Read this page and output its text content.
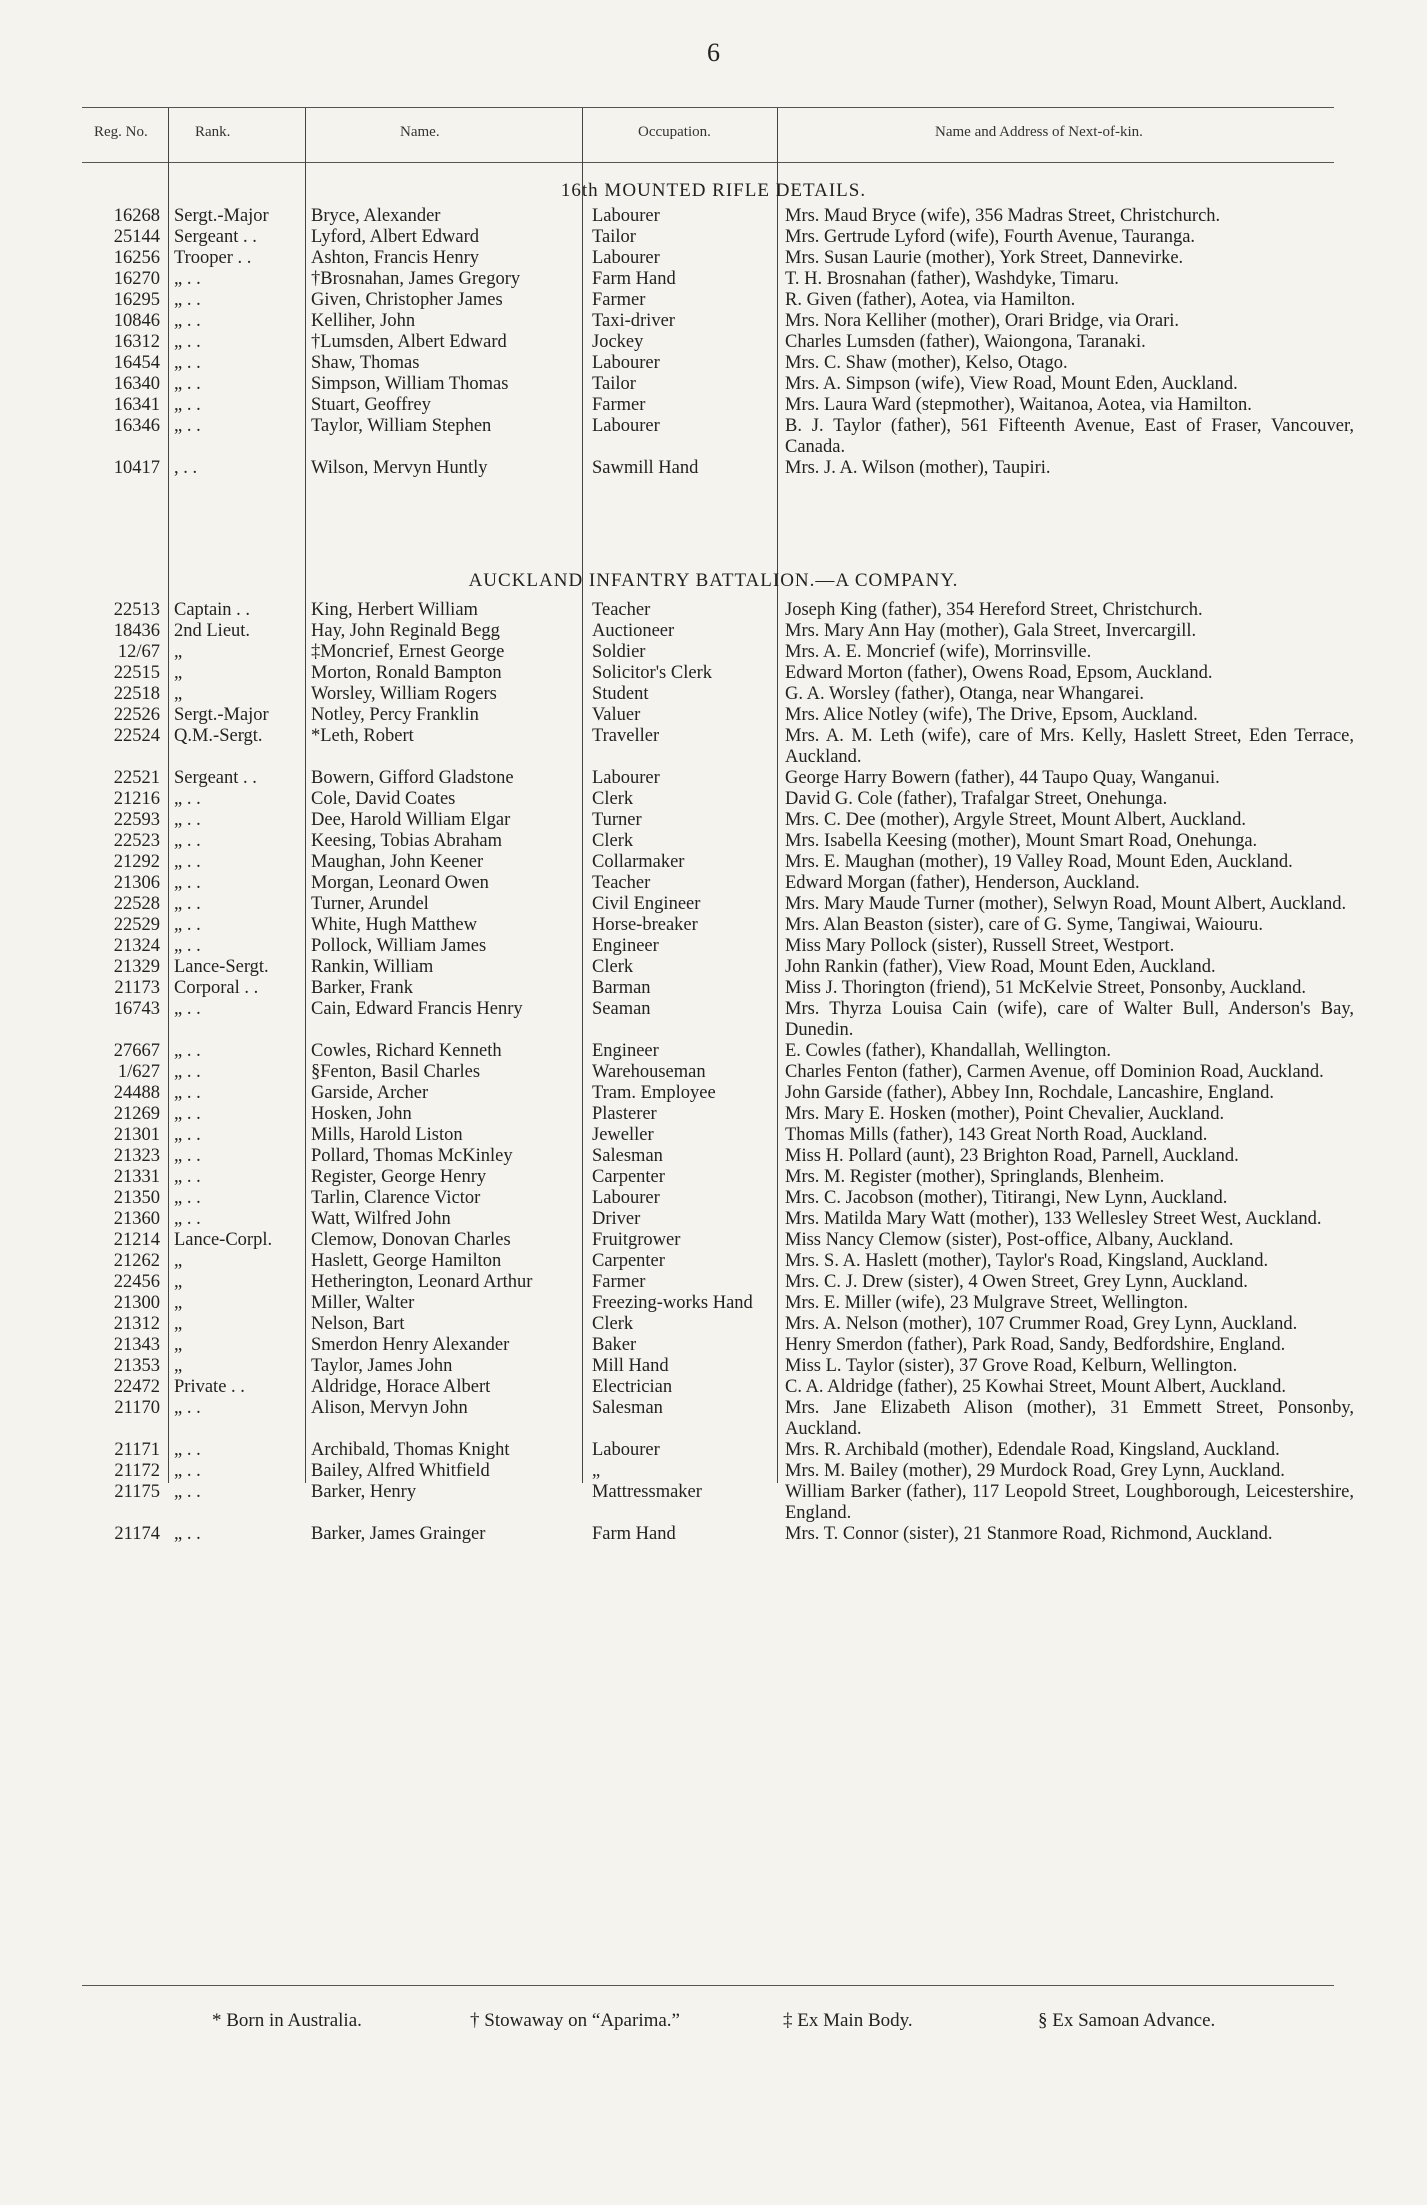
6
Reg. No.	Rank.	Name.	Occupation.	Name and Address of Next-of-kin.
16th MOUNTED RIFLE DETAILS.
16268	Sergt.-Major	Bryce, Alexander	Labourer	Mrs. Maud Bryce (wife), 356 Madras Street, Christchurch.
25144	Sergeant . .	Lyford, Albert Edward	Tailor	Mrs. Gertrude Lyford (wife), Fourth Avenue, Tauranga.
16256	Trooper . .	Ashton, Francis Henry	Labourer	Mrs. Susan Laurie (mother), York Street, Dannevirke.
16270	„ . .	†Brosnahan, James Gregory	Farm Hand	T. H. Brosnahan (father), Washdyke, Timaru.
16295	„ . .	Given, Christopher James	Farmer	R. Given (father), Aotea, via Hamilton.
10846	„ . .	Kelliher, John	Taxi-driver	Mrs. Nora Kelliher (mother), Orari Bridge, via Orari.
16312	„ . .	†Lumsden, Albert Edward	Jockey	Charles Lumsden (father), Waiongona, Taranaki.
16454	„ . .	Shaw, Thomas	Labourer	Mrs. C. Shaw (mother), Kelso, Otago.
16340	„ . .	Simpson, William Thomas	Tailor	Mrs. A. Simpson (wife), View Road, Mount Eden, Auckland.
16341	„ . .	Stuart, Geoffrey	Farmer	Mrs. Laura Ward (stepmother), Waitanoa, Aotea, via Hamilton.
16346	„ . .	Taylor, William Stephen	Labourer	B. J. Taylor (father), 561 Fifteenth Avenue, East of Fraser, Vancouver, Canada.
10417	, . .	Wilson, Mervyn Huntly	Sawmill Hand	Mrs. J. A. Wilson (mother), Taupiri.
AUCKLAND INFANTRY BATTALION.—A COMPANY.
22513	Captain . .	King, Herbert William	Teacher	Joseph King (father), 354 Hereford Street, Christchurch.
18436	2nd Lieut.	Hay, John Reginald Begg	Auctioneer	Mrs. Mary Ann Hay (mother), Gala Street, Invercargill.
12/67	„	‡Moncrief, Ernest George	Soldier	Mrs. A. E. Moncrief (wife), Morrinsville.
22515	„	Morton, Ronald Bampton	Solicitor's Clerk	Edward Morton (father), Owens Road, Epsom, Auckland.
22518	„	Worsley, William Rogers	Student	G. A. Worsley (father), Otanga, near Whangarei.
22526	Sergt.-Major	Notley, Percy Franklin	Valuer	Mrs. Alice Notley (wife), The Drive, Epsom, Auckland.
22524	Q.M.-Sergt.	*Leth, Robert	Traveller	Mrs. A. M. Leth (wife), care of Mrs. Kelly, Haslett Street, Eden Terrace, Auckland.
22521	Sergeant . .	Bowern, Gifford Gladstone	Labourer	George Harry Bowern (father), 44 Taupo Quay, Wanganui.
21216	„ . .	Cole, David Coates	Clerk	David G. Cole (father), Trafalgar Street, Onehunga.
22593	„ . .	Dee, Harold William Elgar	Turner	Mrs. C. Dee (mother), Argyle Street, Mount Albert, Auckland.
22523	„ . .	Keesing, Tobias Abraham	Clerk	Mrs. Isabella Keesing (mother), Mount Smart Road, Onehunga.
21292	„ . .	Maughan, John Keener	Collarmaker	Mrs. E. Maughan (mother), 19 Valley Road, Mount Eden, Auckland.
21306	„ . .	Morgan, Leonard Owen	Teacher	Edward Morgan (father), Henderson, Auckland.
22528	„ . .	Turner, Arundel	Civil Engineer	Mrs. Mary Maude Turner (mother), Selwyn Road, Mount Albert, Auckland.
22529	„ . .	White, Hugh Matthew	Horse-breaker	Mrs. Alan Beaston (sister), care of G. Syme, Tangiwai, Waiouru.
21324	„ . .	Pollock, William James	Engineer	Miss Mary Pollock (sister), Russell Street, Westport.
21329	Lance-Sergt.	Rankin, William	Clerk	John Rankin (father), View Road, Mount Eden, Auckland.
21173	Corporal . .	Barker, Frank	Barman	Miss J. Thorington (friend), 51 McKelvie Street, Ponsonby, Auckland.
16743	„ . .	Cain, Edward Francis Henry	Seaman	Mrs. Thyrza Louisa Cain (wife), care of Walter Bull, Anderson's Bay, Dunedin.
27667	„ . .	Cowles, Richard Kenneth	Engineer	E. Cowles (father), Khandallah, Wellington.
1/627	„ . .	§Fenton, Basil Charles	Warehouseman	Charles Fenton (father), Carmen Avenue, off Dominion Road, Auckland.
24488	„ . .	Garside, Archer	Tram. Employee	John Garside (father), Abbey Inn, Rochdale, Lancashire, England.
21269	„ . .	Hosken, John	Plasterer	Mrs. Mary E. Hosken (mother), Point Chevalier, Auckland.
21301	„ . .	Mills, Harold Liston	Jeweller	Thomas Mills (father), 143 Great North Road, Auckland.
21323	„ . .	Pollard, Thomas McKinley	Salesman	Miss H. Pollard (aunt), 23 Brighton Road, Parnell, Auckland.
21331	„ . .	Register, George Henry	Carpenter	Mrs. M. Register (mother), Springlands, Blenheim.
21350	„ . .	Tarlin, Clarence Victor	Labourer	Mrs. C. Jacobson (mother), Titirangi, New Lynn, Auckland.
21360	„ . .	Watt, Wilfred John	Driver	Mrs. Matilda Mary Watt (mother), 133 Wellesley Street West, Auckland.
21214	Lance-Corpl.	Clemow, Donovan Charles	Fruitgrower	Miss Nancy Clemow (sister), Post-office, Albany, Auckland.
21262	„	Haslett, George Hamilton	Carpenter	Mrs. S. A. Haslett (mother), Taylor's Road, Kingsland, Auckland.
22456	„	Hetherington, Leonard Arthur	Farmer	Mrs. C. J. Drew (sister), 4 Owen Street, Grey Lynn, Auckland.
21300	„	Miller, Walter	Freezing-works Hand	Mrs. E. Miller (wife), 23 Mulgrave Street, Wellington.
21312	„	Nelson, Bart	Clerk	Mrs. A. Nelson (mother), 107 Crummer Road, Grey Lynn, Auckland.
21343	„	Smerdon Henry Alexander	Baker	Henry Smerdon (father), Park Road, Sandy, Bedfordshire, England.
21353	„	Taylor, James John	Mill Hand	Miss L. Taylor (sister), 37 Grove Road, Kelburn, Wellington.
22472	Private . .	Aldridge, Horace Albert	Electrician	C. A. Aldridge (father), 25 Kowhai Street, Mount Albert, Auckland.
21170	„ . .	Alison, Mervyn John	Salesman	Mrs. Jane Elizabeth Alison (mother), 31 Emmett Street, Ponsonby, Auckland.
21171	„ . .	Archibald, Thomas Knight	Labourer	Mrs. R. Archibald (mother), Edendale Road, Kingsland, Auckland.
21172	„ . .	Bailey, Alfred Whitfield	„	Mrs. M. Bailey (mother), 29 Murdock Road, Grey Lynn, Auckland.
21175	„ . .	Barker, Henry	Mattressmaker	William Barker (father), 117 Leopold Street, Loughborough, Leicestershire, England.
21174	„ . .	Barker, James Grainger	Farm Hand	Mrs. T. Connor (sister), 21 Stanmore Road, Richmond, Auckland.
* Born in Australia.	† Stowaway on “Aparima.”	‡ Ex Main Body.	§ Ex Samoan Advance.
